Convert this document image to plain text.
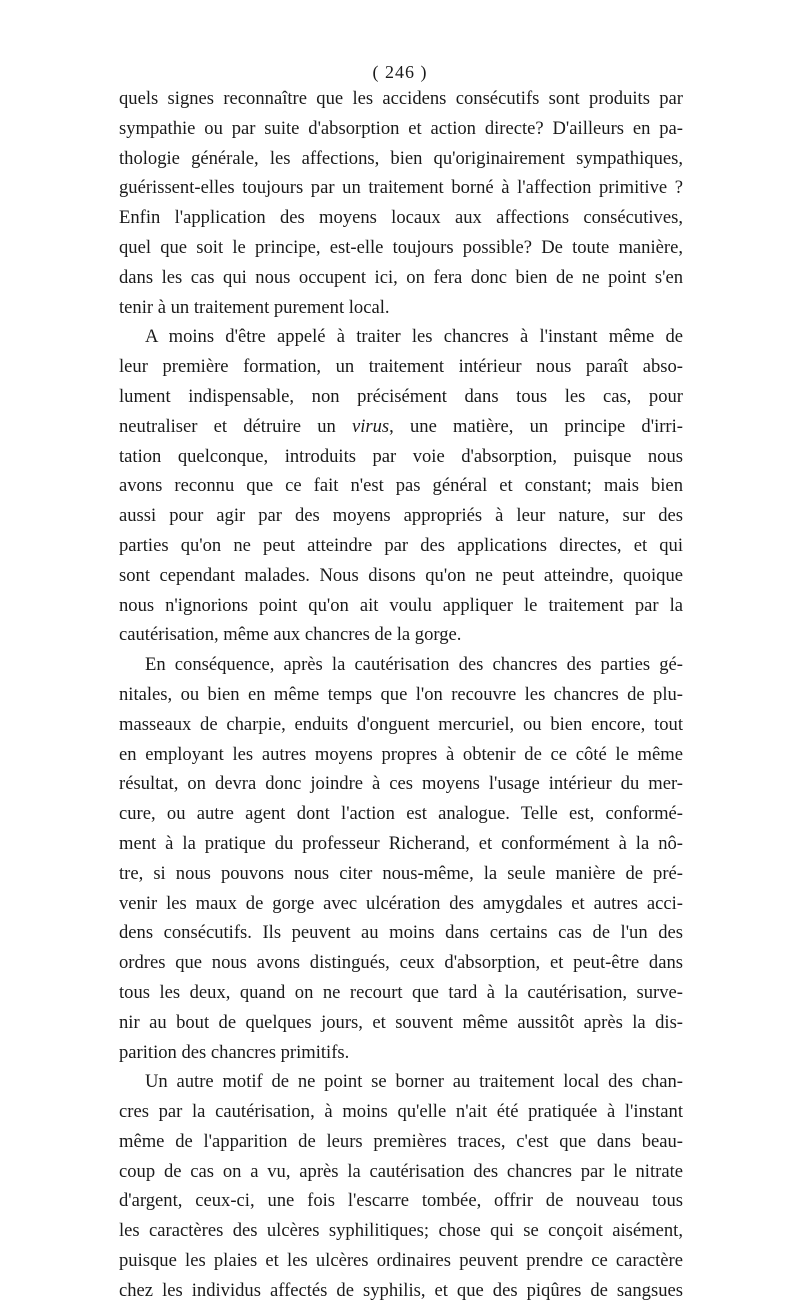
( 246 )
quels signes reconnaître que les accidens consécutifs sont produits par
sympathie ou par suite d'absorption et action directe? D'ailleurs en pa-
thologie générale, les affections, bien qu'originairement sympathiques,
guérissent-elles toujours par un traitement borné à l'affection primitive ?
Enfin l'application des moyens locaux aux affections consécutives,
quel que soit le principe, est-elle toujours possible? De toute manière,
dans les cas qui nous occupent ici, on fera donc bien de ne point s'en
tenir à un traitement purement local.
A moins d'être appelé à traiter les chancres à l'instant même de
leur première formation, un traitement intérieur nous paraît abso-
lument indispensable, non précisément dans tous les cas, pour
neutraliser et détruire un virus, une matière, un principe d'irri-
tation quelconque, introduits par voie d'absorption, puisque nous
avons reconnu que ce fait n'est pas général et constant; mais bien
aussi pour agir par des moyens appropriés à leur nature, sur des
parties qu'on ne peut atteindre par des applications directes, et qui
sont cependant malades. Nous disons qu'on ne peut atteindre, quoique
nous n'ignorions point qu'on ait voulu appliquer le traitement par la
cautérisation, même aux chancres de la gorge.
En conséquence, après la cautérisation des chancres des parties gé-
nitales, ou bien en même temps que l'on recouvre les chancres de plu-
masseaux de charpie, enduits d'onguent mercuriel, ou bien encore, tout
en employant les autres moyens propres à obtenir de ce côté le même
résultat, on devra donc joindre à ces moyens l'usage intérieur du mer-
cure, ou autre agent dont l'action est analogue. Telle est, conformé-
ment à la pratique du professeur Richerand, et conformément à la nô-
tre, si nous pouvons nous citer nous-même, la seule manière de pré-
venir les maux de gorge avec ulcération des amygdales et autres acci-
dens consécutifs. Ils peuvent au moins dans certains cas de l'un des
ordres que nous avons distingués, ceux d'absorption, et peut-être dans
tous les deux, quand on ne recourt que tard à la cautérisation, surve-
nir au bout de quelques jours, et souvent même aussitôt après la dis-
parition des chancres primitifs.
Un autre motif de ne point se borner au traitement local des chan-
cres par la cautérisation, à moins qu'elle n'ait été pratiquée à l'instant
même de l'apparition de leurs premières traces, c'est que dans beau-
coup de cas on a vu, après la cautérisation des chancres par le nitrate
d'argent, ceux-ci, une fois l'escarre tombée, offrir de nouveau tous
les caractères des ulcères syphilitiques; chose qui se conçoit aisément,
puisque les plaies et les ulcères ordinaires peuvent prendre ce caractère
chez les individus affectés de syphilis, et que des piqûres de sangsues
